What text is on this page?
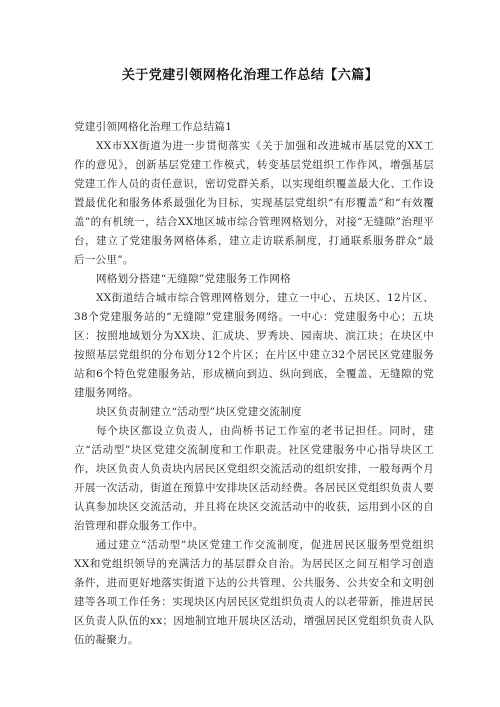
关于党建引领网格化治理工作总结【六篇】

党建引领网格化治理工作总结篇1

XX市XX街道为进一步贯彻落实《关于加强和改进城市基层党的XX工作的意见》，创新基层党建工作模式，转变基层党组织工作作风，增强基层党建工作人员的责任意识，密切党群关系，以实现组织覆盖最大化、工作设置最优化和服务体系最强化为目标，实现基层党组织“有形覆盖”和“有效覆盖”的有机统一，结合XX地区城市综合管理网格划分，对接“无缝隙”治理平台，建立了党建服务网格体系，建立走访联系制度，打通联系服务群众“最后一公里”。

网格划分搭建“无缝隙”党建服务工作网格

XX街道结合城市综合管理网格划分，建立一中心、五块区、12片区、38个党建服务站的“无缝隙”党建服务网络。一中心：党建服务中心；五块区：按照地域划分为XX块、汇成块、罗秀块、园南块、滨江块；在块区中按照基层党组织的分布划分12个片区；在片区中建立32个居民区党建服务站和6个特色党建服务站，形成横向到边、纵向到底，全覆盖、无缝隙的党建服务网络。

块区负责制建立“活动型”块区党建交流制度

每个块区都设立负责人，由尚桥书记工作室的老书记担任。同时，建立“活动型”块区党建交流制度和工作职责。社区党建服务中心指导块区工作，块区负责人负责块内居民区党组织交流活动的组织安排，一般每两个月开展一次活动，街道在预算中安排块区活动经费。各居民区党组织负责人要认真参加块区交流活动，并且将在块区交流活动中的收获，运用到小区的自治管理和群众服务工作中。

通过建立“活动型”块区党建工作交流制度，促进居民区服务型党组织XX和党组织领导的充满活力的基层群众自治。为居民区之间互相学习创造条件，进而更好地落实街道下达的公共管理、公共服务、公共安全和文明创建等各项工作任务：实现块区内居民区党组织负责人的以老带新，推进居民区负责人队伍的xx；因地制宜地开展块区活动，增强居民区党组织负责人队伍的凝聚力。
